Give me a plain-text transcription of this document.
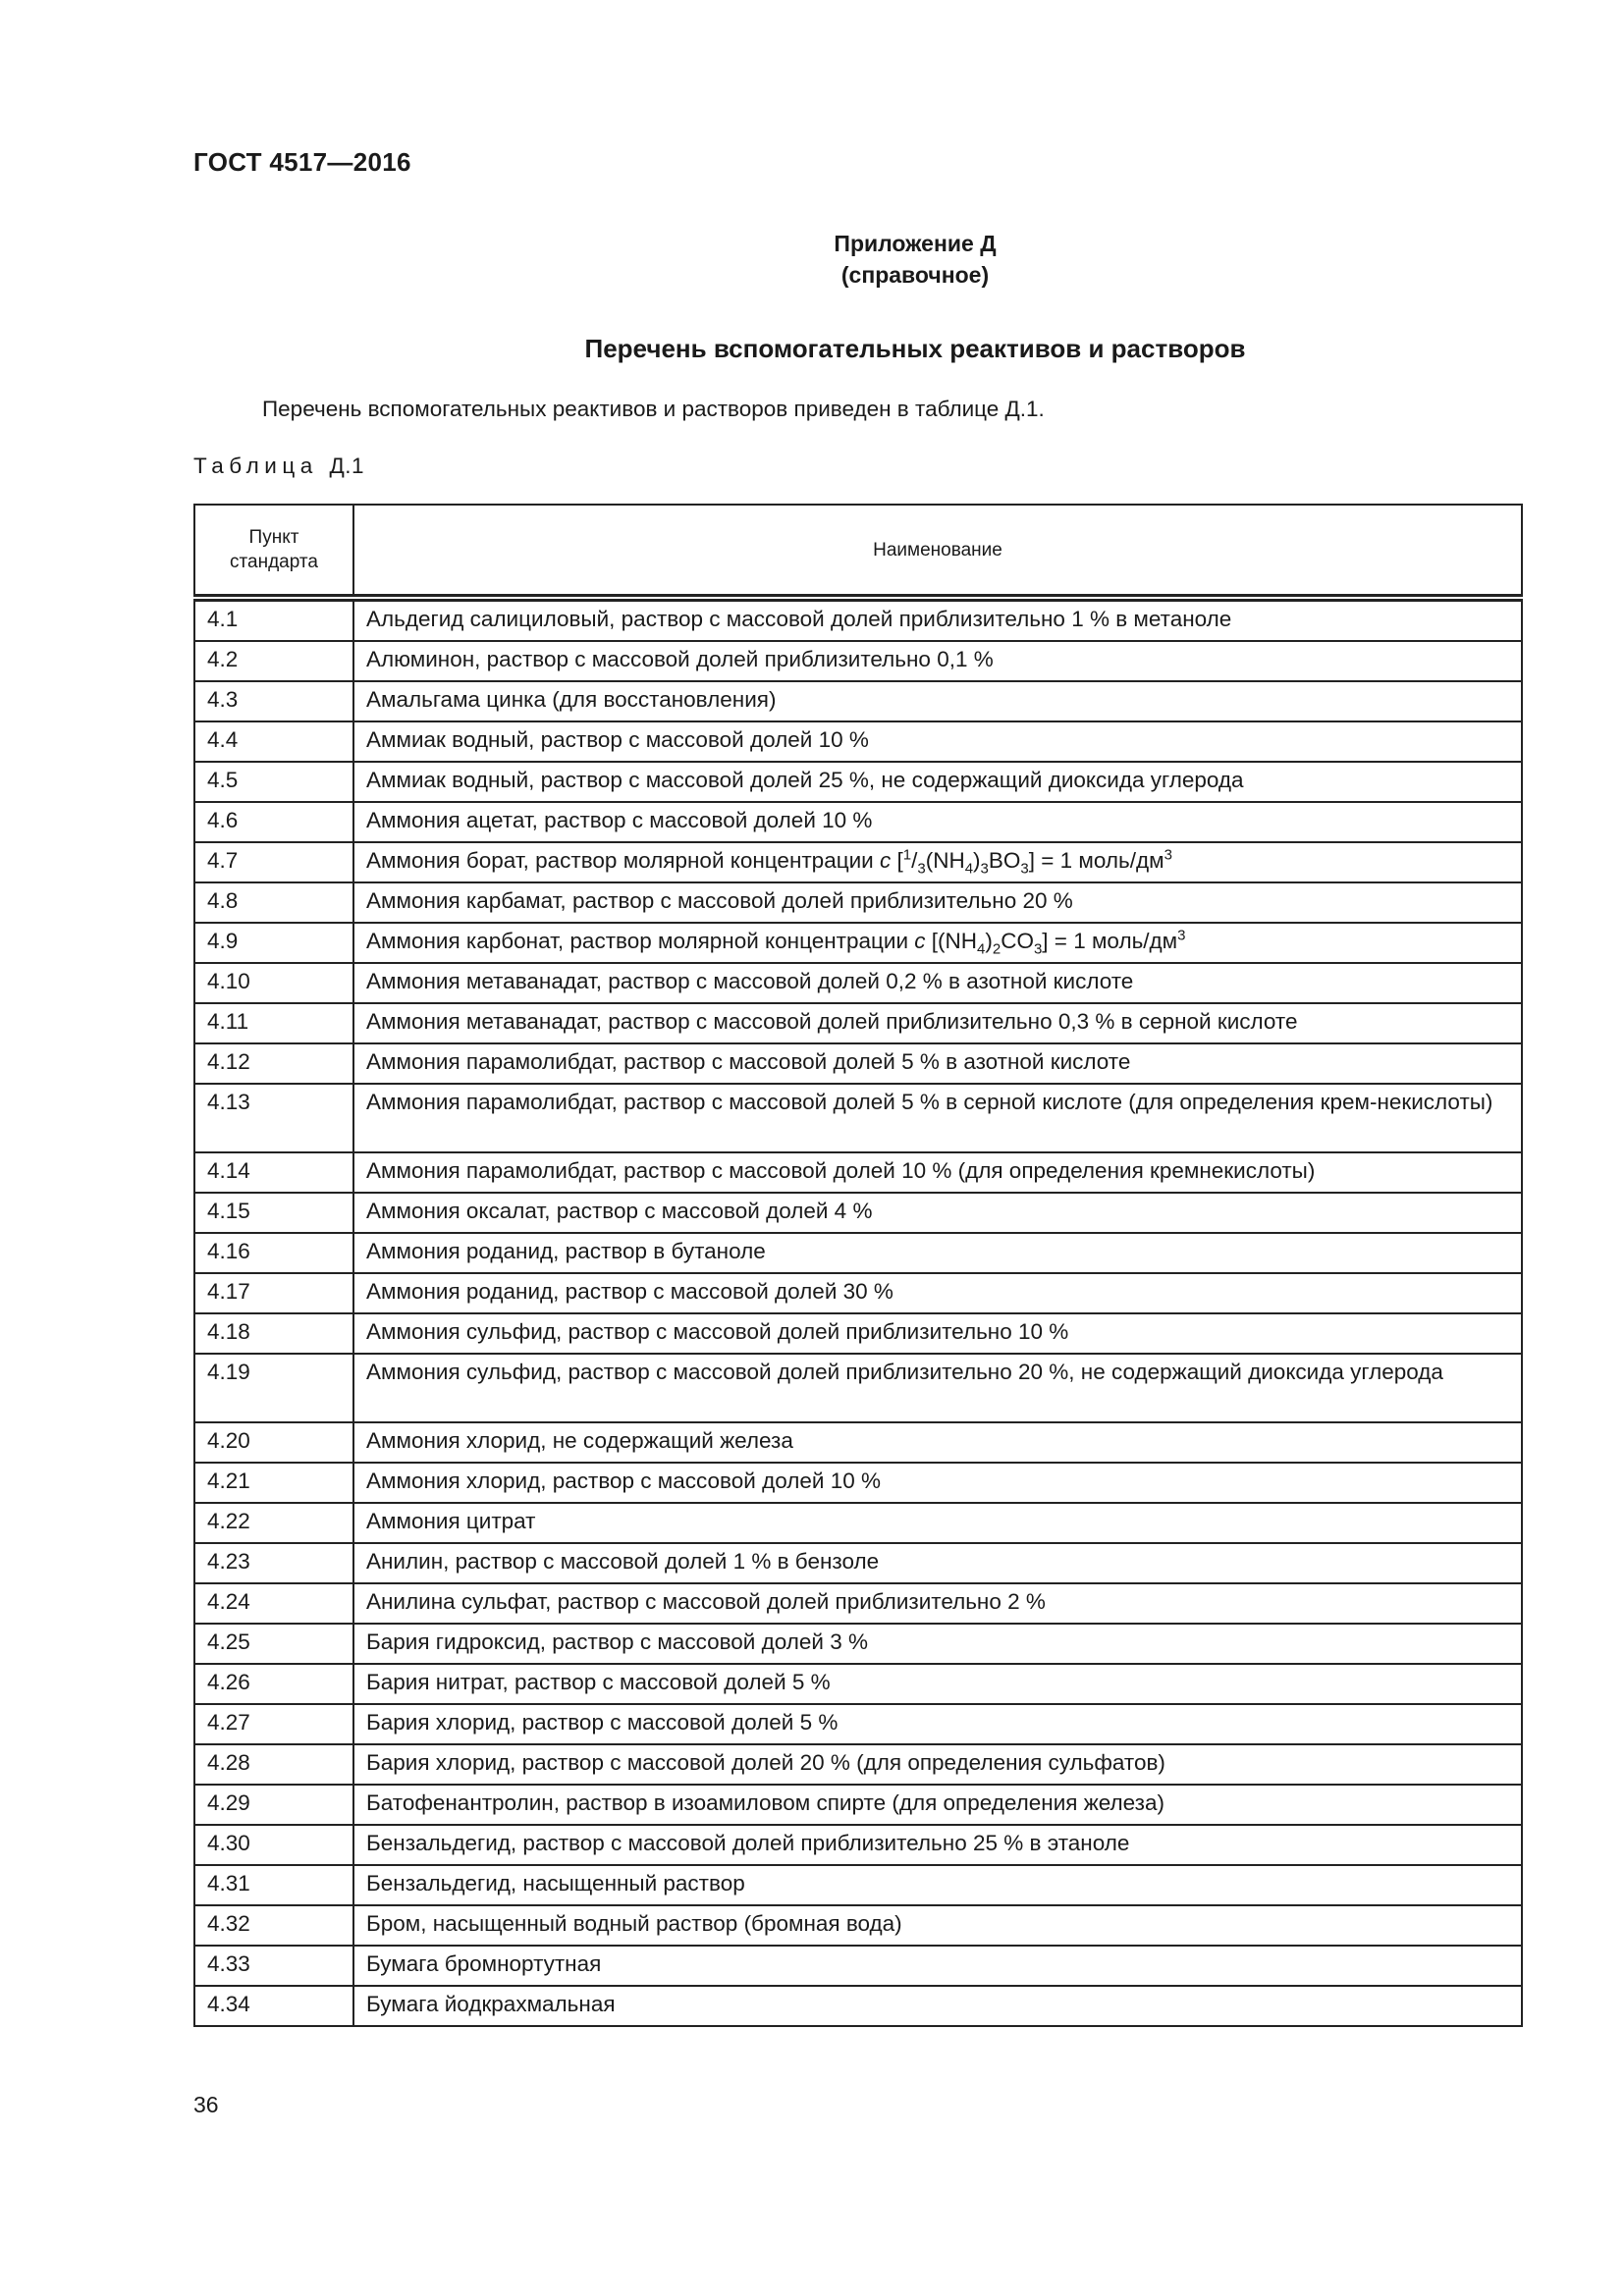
ГОСТ 4517—2016
Приложение Д
(справочное)
Перечень вспомогательных реактивов и растворов
Перечень вспомогательных реактивов и растворов приведен в таблице Д.1.
Таблица Д.1
Пункт
стандарта	Наименование
4.1	Альдегид салициловый, раствор с массовой долей приблизительно 1 % в метаноле
4.2	Алюминон, раствор с массовой долей приблизительно 0,1 %
4.3	Амальгама цинка (для восстановления)
4.4	Аммиак водный, раствор с массовой долей 10 %
4.5	Аммиак водный, раствор с массовой долей 25 %, не содержащий диоксида углерода
4.6	Аммония ацетат, раствор с массовой долей 10 %
4.7	Аммония борат, раствор молярной концентрации c $[^1/_3(NH_4)_3BO_3] = 1$ моль/$дм^3$
4.8	Аммония карбамат, раствор с массовой долей приблизительно 20 %
4.9	Аммония карбонат, раствор молярной концентрации c $[(NH_4)_2CO_3] = 1$ моль/$дм^3$
4.10	Аммония метаванадат, раствор с массовой долей 0,2 % в азотной кислоте
4.11	Аммония метаванадат, раствор с массовой долей приблизительно 0,3 % в серной кислоте
4.12	Аммония парамолибдат, раствор с массовой долей 5 % в азотной кислоте
4.13	Аммония парамолибдат, раствор с массовой долей 5 % в серной кислоте (для определения крем-некислоты)
4.14	Аммония парамолибдат, раствор с массовой долей 10 % (для определения кремнекислоты)
4.15	Аммония оксалат, раствор с массовой долей 4 %
4.16	Аммония роданид, раствор в бутаноле
4.17	Аммония роданид, раствор с массовой долей 30 %
4.18	Аммония сульфид, раствор с массовой долей приблизительно 10 %
4.19	Аммония сульфид, раствор с массовой долей приблизительно 20 %, не содержащий диоксида углерода
4.20	Аммония хлорид, не содержащий железа
4.21	Аммония хлорид, раствор с массовой долей 10 %
4.22	Аммония цитрат
4.23	Анилин, раствор с массовой долей 1 % в бензоле
4.24	Анилина сульфат, раствор с массовой долей приблизительно 2 %
4.25	Бария гидроксид, раствор с массовой долей 3 %
4.26	Бария нитрат, раствор с массовой долей 5 %
4.27	Бария хлорид, раствор с массовой долей 5 %
4.28	Бария хлорид, раствор с массовой долей 20 % (для определения сульфатов)
4.29	Батофенантролин, раствор в изоамиловом спирте (для определения железа)
4.30	Бензальдегид, раствор с массовой долей приблизительно 25 % в этаноле
4.31	Бензальдегид, насыщенный раствор
4.32	Бром, насыщенный водный раствор (бромная вода)
4.33	Бумага бромнортутная
4.34	Бумага йодкрахмальная
36
